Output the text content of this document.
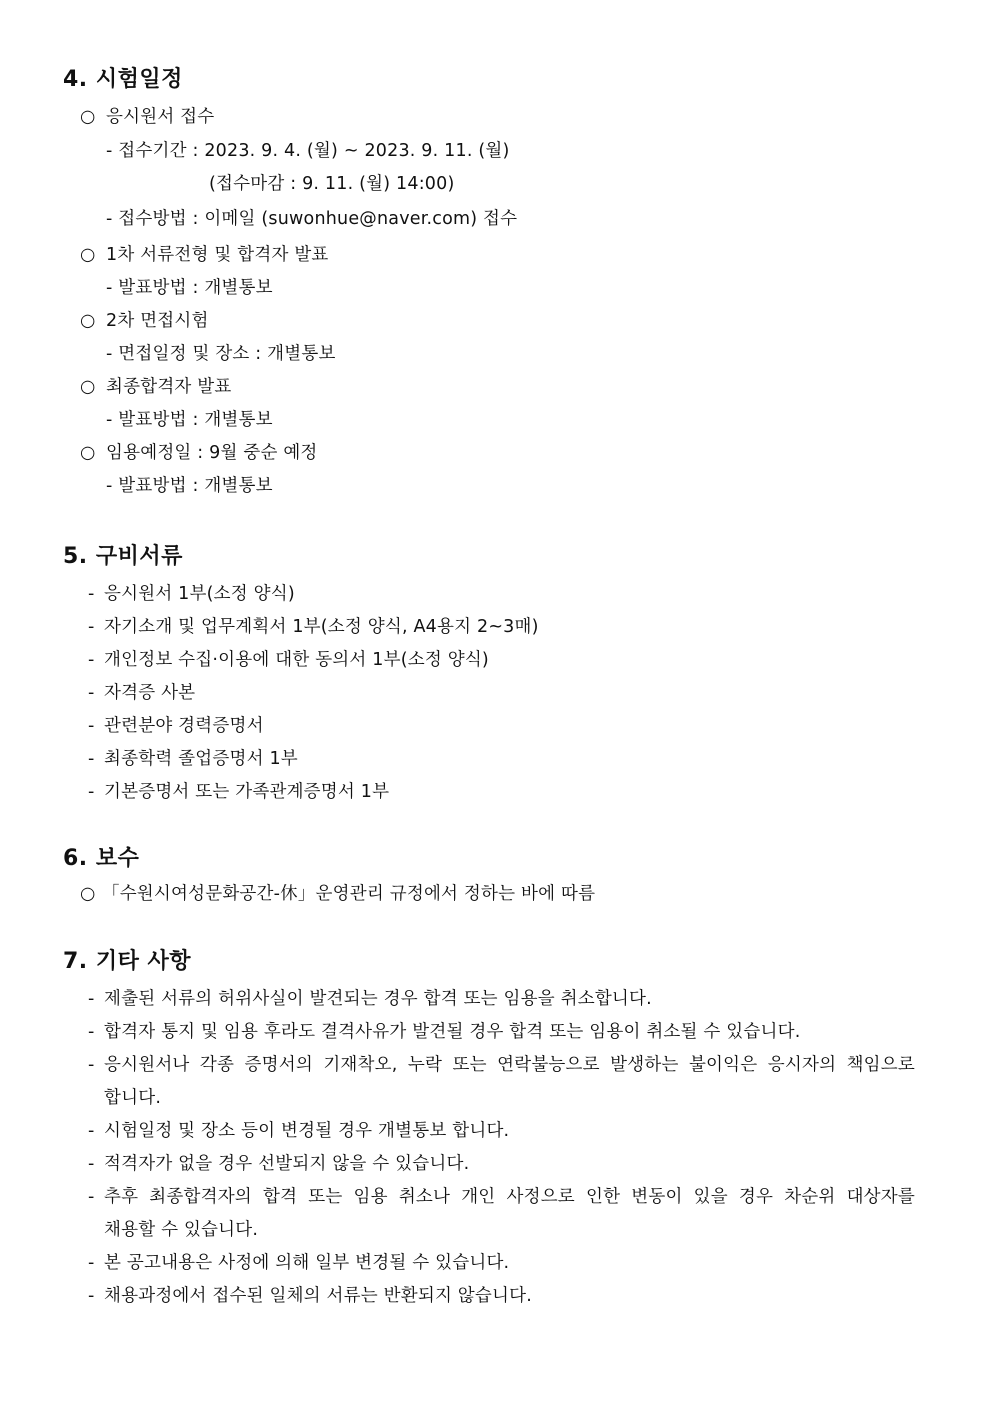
4. 시험일정
○ 응시원서 접수
- 접수기간 : 2023. 9. 4. (월) ~ 2023. 9. 11. (월)
(접수마감 : 9. 11. (월) 14:00)
- 접수방법 : 이메일 (suwonhue@naver.com) 접수
○ 1차 서류전형 및 합격자 발표
- 발표방법 : 개별통보
○ 2차 면접시험
- 면접일정 및 장소 : 개별통보
○ 최종합격자 발표
- 발표방법 : 개별통보
○ 임용예정일 : 9월 중순 예정
- 발표방법 : 개별통보
5. 구비서류
- 응시원서 1부(소정 양식)
- 자기소개 및 업무계획서 1부(소정 양식, A4용지 2~3매)
- 개인정보 수집·이용에 대한 동의서 1부(소정 양식)
- 자격증 사본
- 관련분야 경력증명서
- 최종학력 졸업증명서 1부
- 기본증명서 또는 가족관계증명서 1부
6. 보수
○ 「수원시여성문화공간-休」운영관리 규정에서 정하는 바에 따름
7. 기타 사항
- 제출된 서류의 허위사실이 발견되는 경우 합격 또는 임용을 취소합니다.
- 합격자 통지 및 임용 후라도 결격사유가 발견될 경우 합격 또는 임용이 취소될 수 있습니다.
- 응시원서나 각종 증명서의 기재착오, 누락 또는 연락불능으로 발생하는 불이익은 응시자의 책임으로
합니다.
- 시험일정 및 장소 등이 변경될 경우 개별통보 합니다.
- 적격자가 없을 경우 선발되지 않을 수 있습니다.
- 추후 최종합격자의 합격 또는 임용 취소나 개인 사정으로 인한 변동이 있을 경우 차순위 대상자를
채용할 수 있습니다.
- 본 공고내용은 사정에 의해 일부 변경될 수 있습니다.
- 채용과정에서 접수된 일체의 서류는 반환되지 않습니다.
